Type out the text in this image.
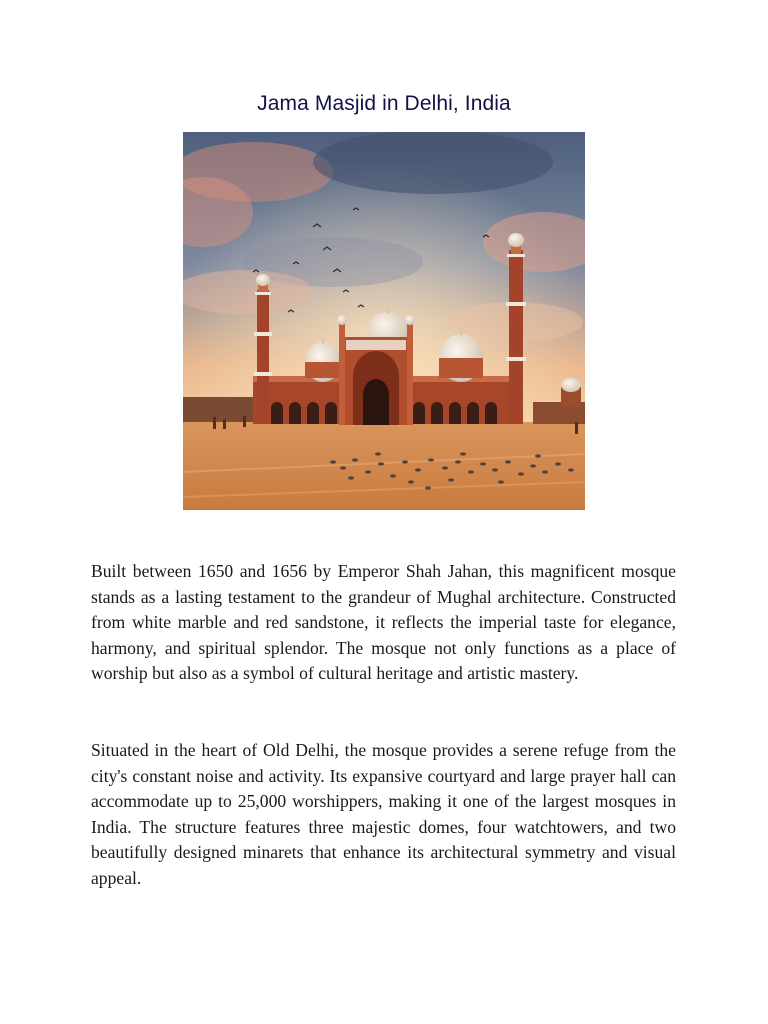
Jama Masjid in Delhi, India

Built between 1650 and 1656 by Emperor Shah Jahan, this magnificent mosque stands as a lasting testament to the grandeur of Mughal architecture. Constructed from white marble and red sandstone, it reflects the imperial taste for elegance, harmony, and spiritual splendor. The mosque not only functions as a place of worship but also as a symbol of cultural heritage and artistic mastery.

Situated in the heart of Old Delhi, the mosque provides a serene refuge from the city's constant noise and activity. Its expansive courtyard and large prayer hall can accommodate up to 25,000 worshippers, making it one of the largest mosques in India. The structure features three majestic domes, four watchtowers, and two beautifully designed minarets that enhance its architectural symmetry and visual appeal.
